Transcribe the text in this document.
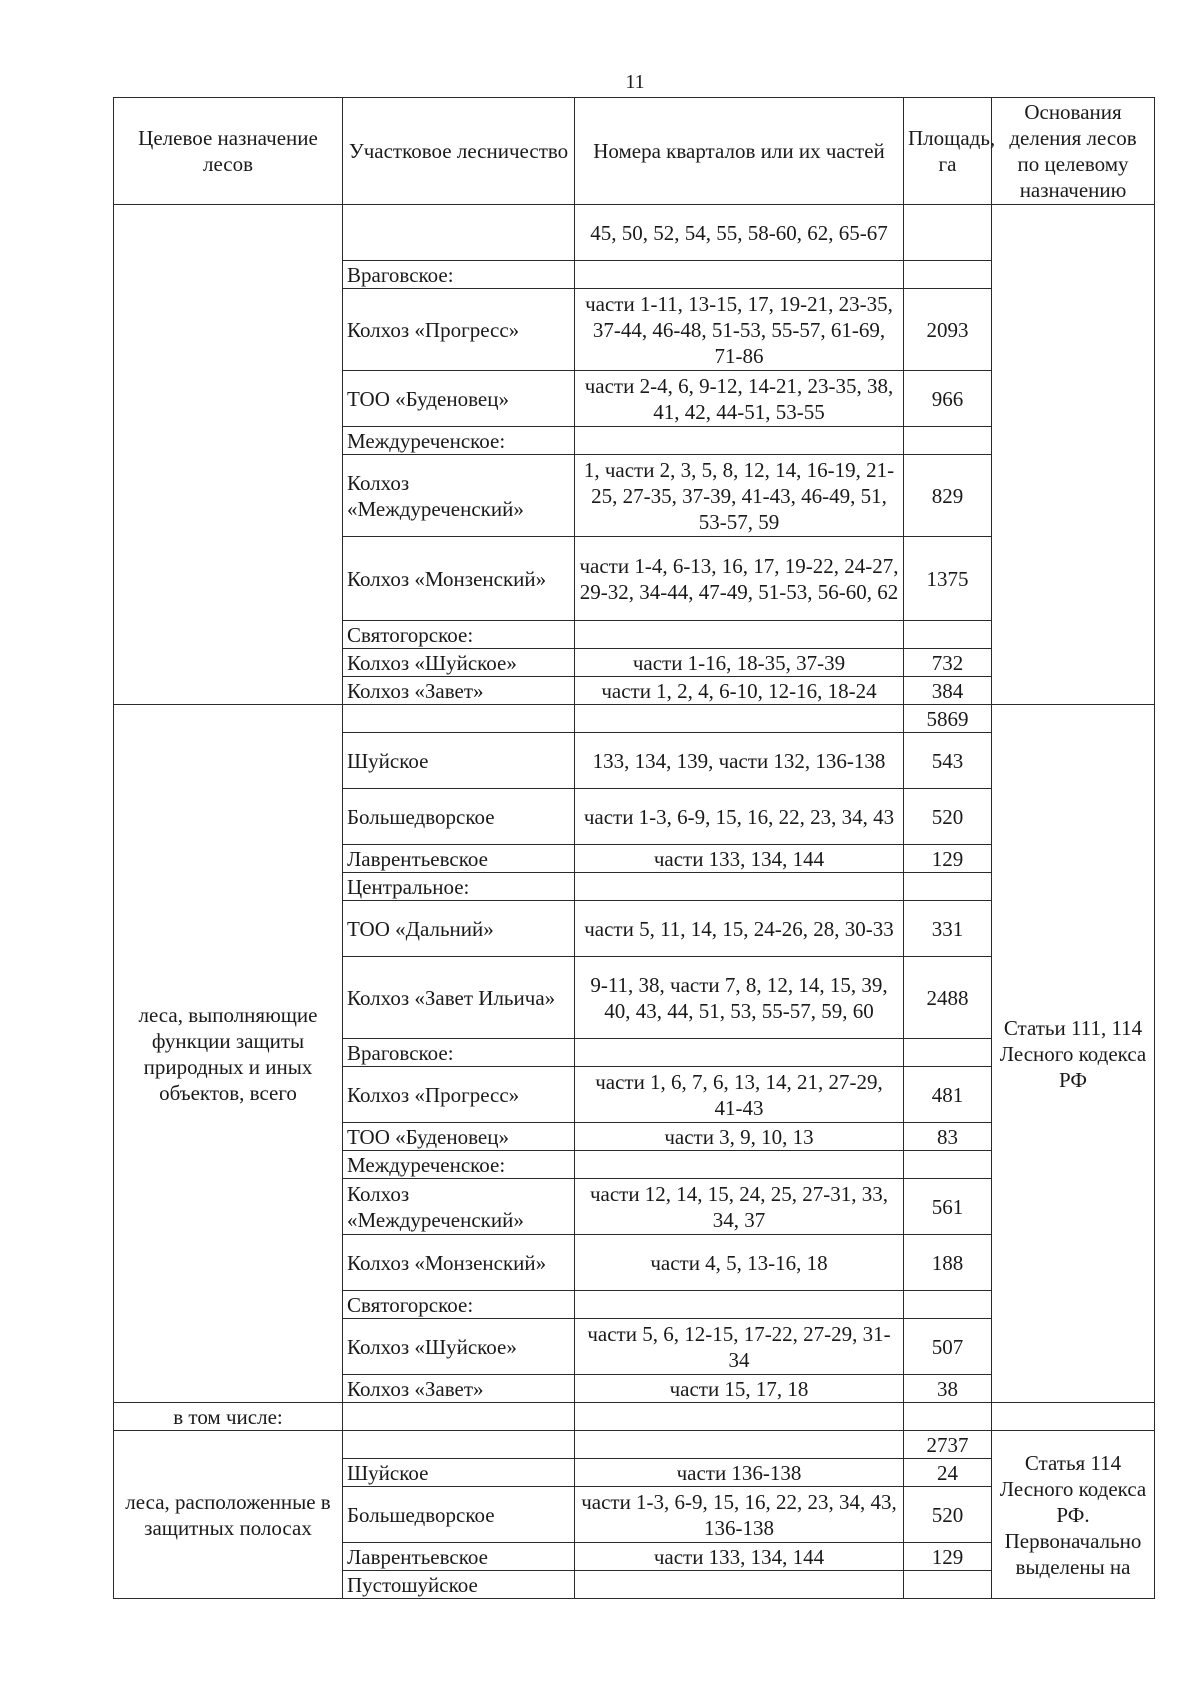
11
Целевое назначение лесов	Участковое лесничество	Номера кварталов или их частей	Площадь, га	Основания деления лесов по целевому назначению
		45, 50, 52, 54, 55, 58-60, 62, 65-67		
	Враговское:			
	Колхоз «Прогресс»	части 1-11, 13-15, 17, 19-21, 23-35, 37-44, 46-48, 51-53, 55-57, 61-69, 71-86	2093	
	ТОО «Буденовец»	части 2-4, 6, 9-12, 14-21, 23-35, 38, 41, 42, 44-51, 53-55	966	
	Междуреченское:			
	Колхоз «Междуреченский»	1, части 2, 3, 5, 8, 12, 14, 16-19, 21-25, 27-35, 37-39, 41-43, 46-49, 51, 53-57, 59	829	
	Колхоз «Монзенский»	части 1-4, 6-13, 16, 17, 19-22, 24-27, 29-32, 34-44, 47-49, 51-53, 56-60, 62	1375	
	Святогорское:			
	Колхоз «Шуйское»	части 1-16, 18-35, 37-39	732	
	Колхоз «Завет»	части 1, 2, 4, 6-10, 12-16, 18-24	384	
леса, выполняющие функции защиты природных и иных объектов, всего			5869	Статьи 111, 114 Лесного кодекса РФ
	Шуйское	133, 134, 139, части 132, 136-138	543	
	Большедворское	части 1-3, 6-9, 15, 16, 22, 23, 34, 43	520	
	Лаврентьевское	части 133, 134, 144	129	
	Центральное:			
	ТОО «Дальний»	части 5, 11, 14, 15, 24-26, 28, 30-33	331	
	Колхоз «Завет Ильича»	9-11, 38, части 7, 8, 12, 14, 15, 39, 40, 43, 44, 51, 53, 55-57, 59, 60	2488	
	Враговское:			
	Колхоз «Прогресс»	части 1, 6, 7, 6, 13, 14, 21, 27-29, 41-43	481	
	ТОО «Буденовец»	части 3, 9, 10, 13	83	
	Междуреченское:			
	Колхоз «Междуреченский»	части 12, 14, 15, 24, 25, 27-31, 33, 34, 37	561	
	Колхоз «Монзенский»	части 4, 5, 13-16, 18	188	
	Святогорское:			
	Колхоз «Шуйское»	части 5, 6, 12-15, 17-22, 27-29, 31-34	507	
	Колхоз «Завет»	части 15, 17, 18	38	
в том числе:				
леса, расположенные в защитных полосах			2737	Статья 114 Лесного кодекса РФ. Первоначально выделены на
	Шуйское	части 136-138	24	
	Большедворское	части 1-3, 6-9, 15, 16, 22, 23, 34, 43, 136-138	520	
	Лаврентьевское	части 133, 134, 144	129	
	Пустошуйское			
